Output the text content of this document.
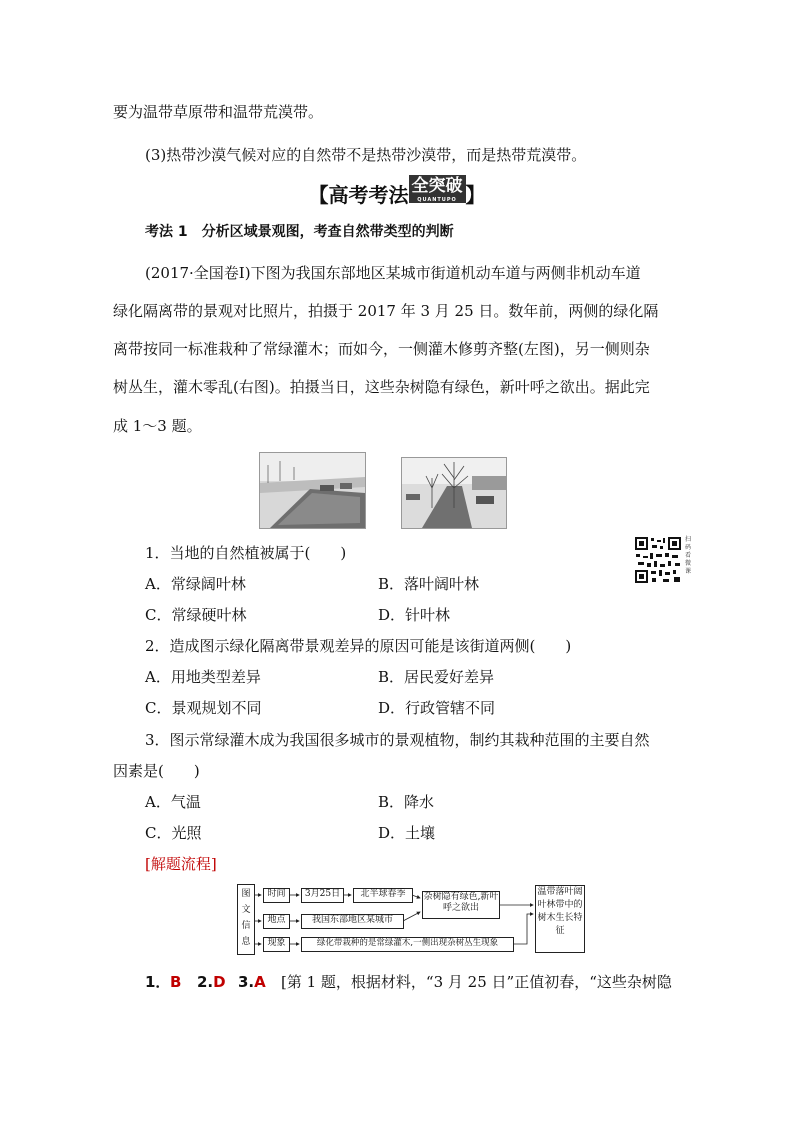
要为温带草原带和温带荒漠带。
(3)热带沙漠气候对应的自然带不是热带沙漠带，而是热带荒漠带。
【高考考法 全突破
QUANTUPO 】
考法 1　分析区域景观图，考查自然带类型的判断
(2017·全国卷Ⅰ)下图为我国东部地区某城市街道机动车道与两侧非机动车道
绿化隔离带的景观对比照片，拍摄于 2017 年 3 月 25 日。数年前，两侧的绿化隔
离带按同一标准栽种了常绿灌木；而如今，一侧灌木修剪齐整(左图)，另一侧则杂
树丛生，灌木零乱(右图)。拍摄当日，这些杂树隐有绿色，新叶呼之欲出。据此完
成 1～3 题。
扫码看微课
1．当地的自然植被属于(　　)
A．常绿阔叶林	B．落叶阔叶林
C．常绿硬叶林	D．针叶林
2．造成图示绿化隔离带景观差异的原因可能是该街道两侧(　　)
A．用地类型差异	B．居民爱好差异
C．景观规划不同	D．行政管辖不同
3．图示常绿灌木成为我国很多城市的景观植物，制约其栽种范围的主要自然
因素是(　　)
A．气温	B．降水
C．光照	D．土壤
[解题流程]
图文信息
时间
地点
现象
3月25日	北半球春季
我国东部地区某城市
绿化带栽种的是常绿灌木,一侧出现杂树丛生现象
杂树隐有绿色,新叶呼之欲出
温带落叶阔叶林带中的树木生长特征
1． B 2.D 3.A [第 1 题，根据材料，“3 月 25 日”正值初春，“这些杂树隐
